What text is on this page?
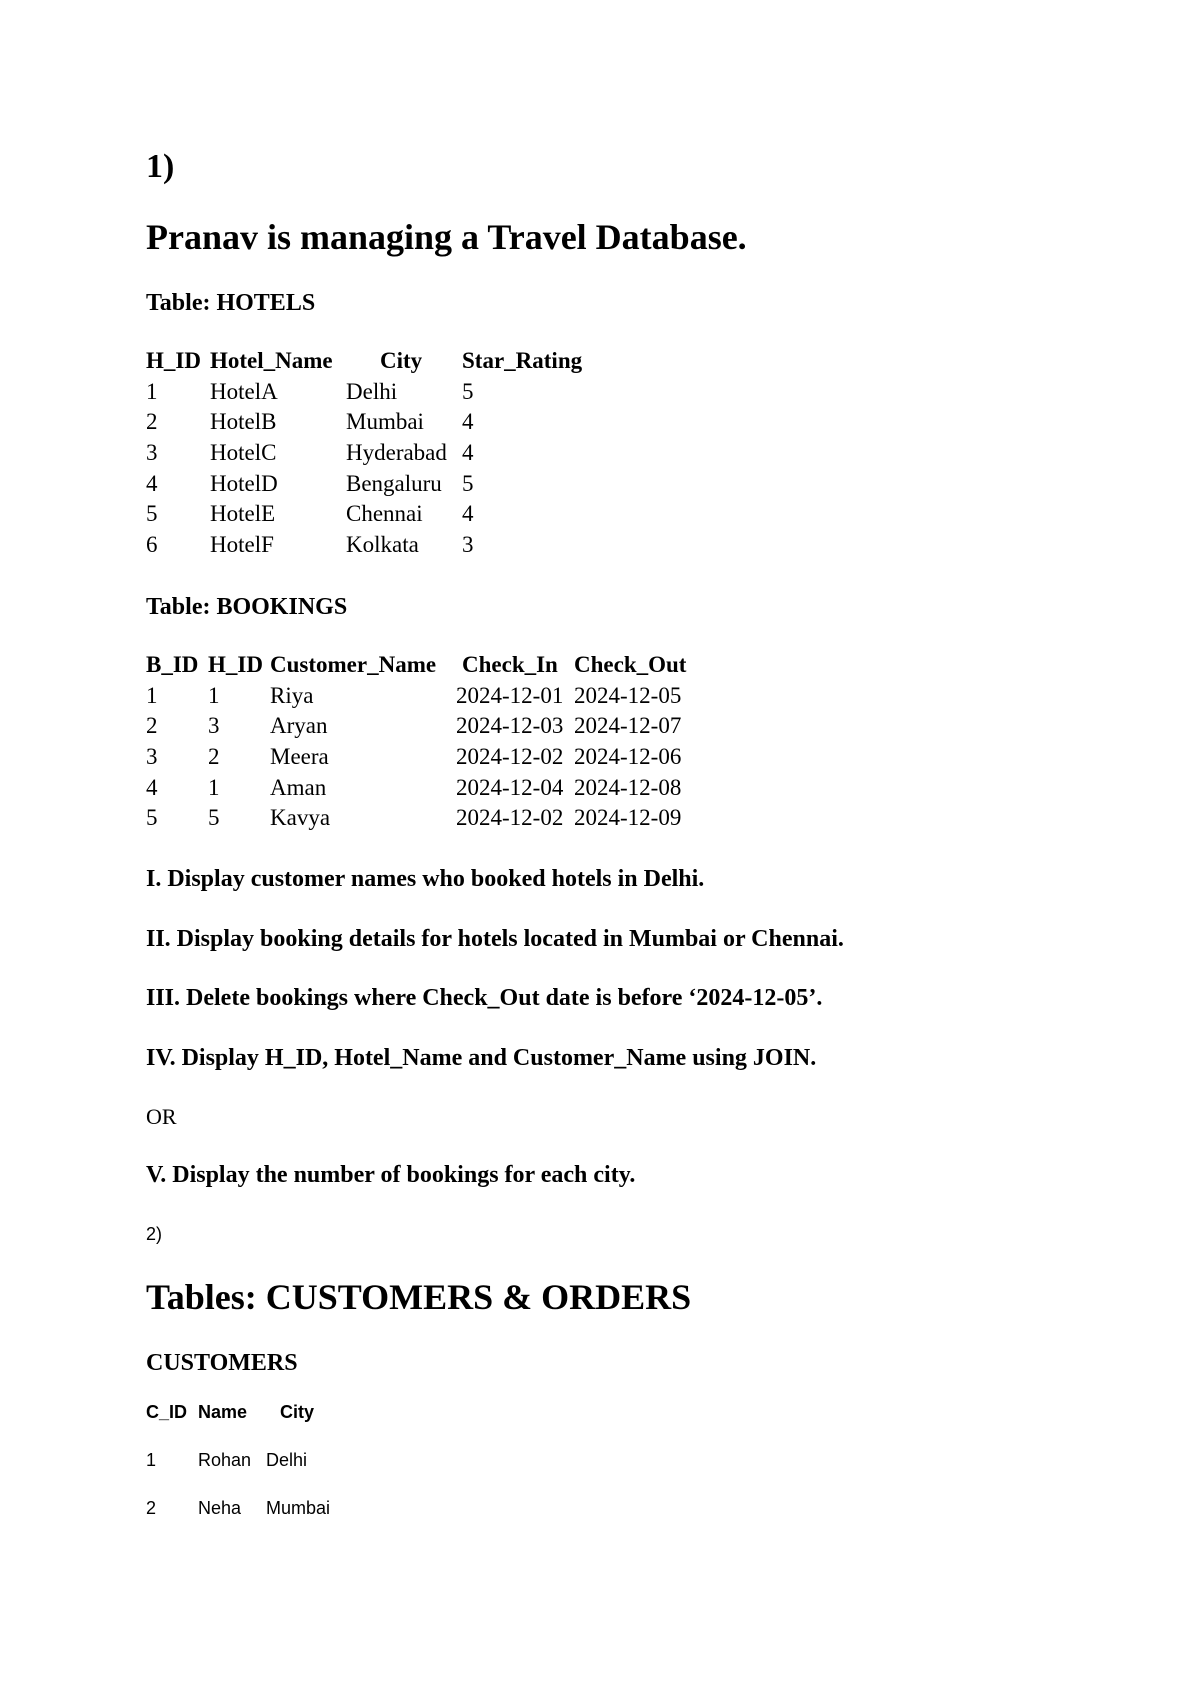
1)
Pranav is managing a Travel Database.
Table: HOTELS
H_ID	Hotel_Name	City	Star_Rating
1	HotelA	Delhi	5
2	HotelB	Mumbai	4
3	HotelC	Hyderabad	4
4	HotelD	Bengaluru	5
5	HotelE	Chennai	4
6	HotelF	Kolkata	3
Table: BOOKINGS
B_ID	H_ID	Customer_Name	Check_In	Check_Out
1	1	Riya	2024-12-01	2024-12-05
2	3	Aryan	2024-12-03	2024-12-07
3	2	Meera	2024-12-02	2024-12-06
4	1	Aman	2024-12-04	2024-12-08
5	5	Kavya	2024-12-02	2024-12-09
I. Display customer names who booked hotels in Delhi.
II. Display booking details for hotels located in Mumbai or Chennai.
III. Delete bookings where Check_Out date is before ‘2024-12-05’.
IV. Display H_ID, Hotel_Name and Customer_Name using JOIN.
OR
V. Display the number of bookings for each city.
2)
Tables: CUSTOMERS & ORDERS
CUSTOMERS
C_ID	Name	City
1	Rohan	Delhi
2	Neha	Mumbai
